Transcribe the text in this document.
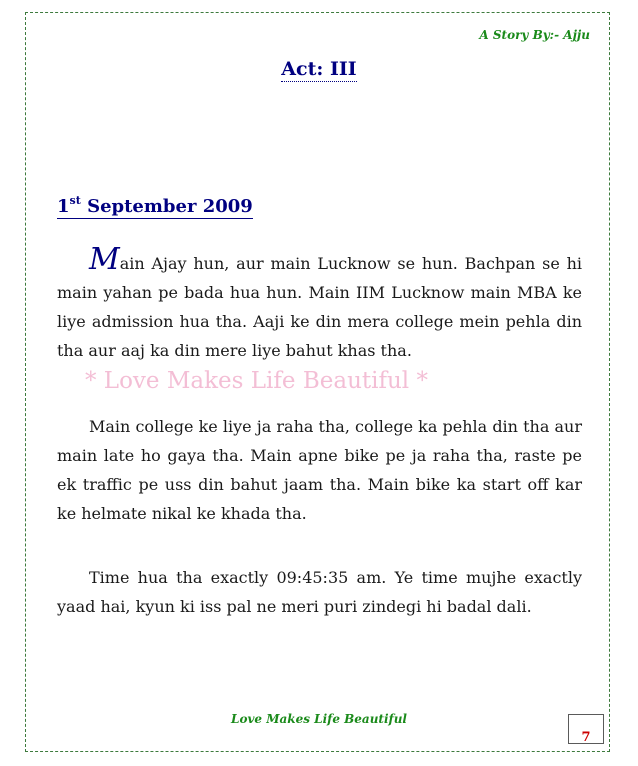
A Story By:- Ajju
Act: III
1st September 2009
* Love Makes Life Beautiful *
Main Ajay hun, aur main Lucknow se hun. Bachpan se hi main yahan pe bada hua hun. Main IIM Lucknow main MBA ke liye admission hua tha. Aaji ke din mera college mein pehla din tha aur aaj ka din mere liye bahut khas tha.
Main college ke liye ja raha tha, college ka pehla din tha aur main late ho gaya tha. Main apne bike pe ja raha tha, raste pe ek traffic pe uss din bahut jaam tha. Main bike ka start off kar ke helmate nikal ke khada tha.
Time hua tha exactly 09:45:35 am. Ye time mujhe exactly yaad hai, kyun ki iss pal ne meri puri zindegi hi badal dali.
Love Makes Life Beautiful
7
